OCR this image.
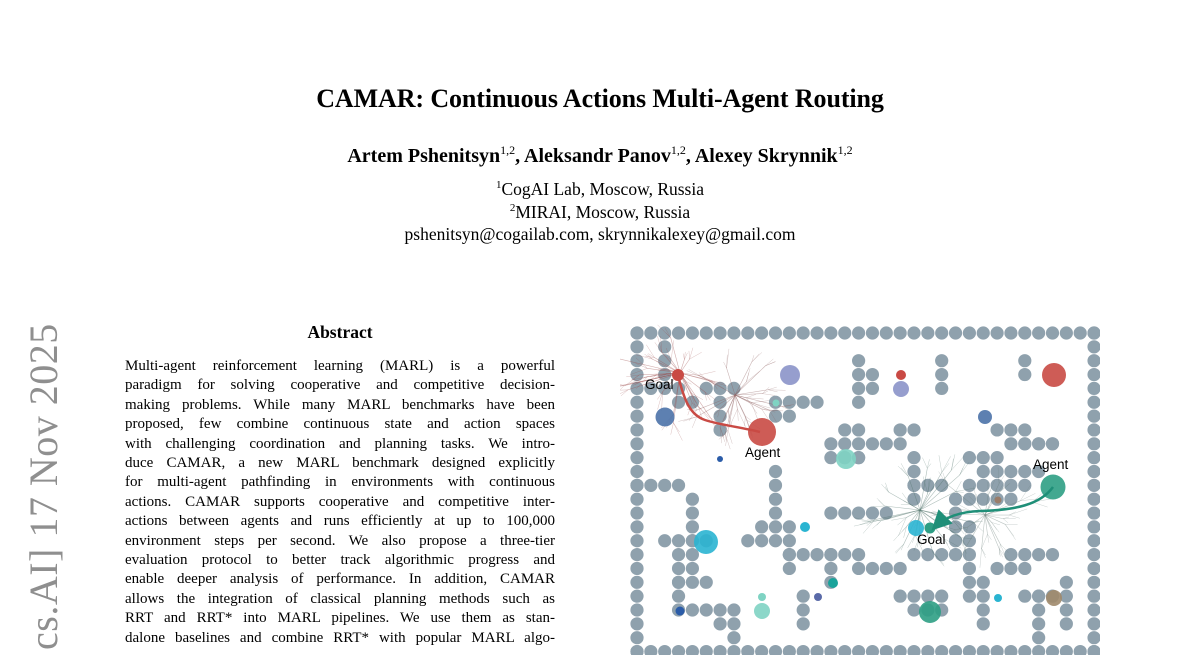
CAMAR: Continuous Actions Multi-Agent Routing
Artem Pshenitsyn$^{1,2}$, Aleksandr Panov$^{1,2}$, Alexey Skrynnik$^{1,2}$
$^1$CogAI Lab, Moscow, Russia
$^2$MIRAI, Moscow, Russia
pshenitsyn@cogailab.com, skrynnikalexey@gmail.com
cs.AI] 17 Nov 2025	Abstract
Multi-agent reinforcement learning (MARL) is a powerful
paradigm for solving cooperative and competitive decision-
making problems. While many MARL benchmarks have been
proposed, few combine continuous state and action spaces
with challenging coordination and planning tasks. We intro-
duce CAMAR, a new MARL benchmark designed explicitly
for multi-agent pathfinding in environments with continuous
actions. CAMAR supports cooperative and competitive inter-
actions between agents and runs efficiently at up to 100,000
environment steps per second. We also propose a three-tier
evaluation protocol to better track algorithmic progress and
enable deeper analysis of performance. In addition, CAMAR
allows the integration of classical planning methods such as
RRT and RRT* into MARL pipelines. We use them as stan-
dalone baselines and combine RRT* with popular MARL algo-
Goal
Agent
Agent
Goal
